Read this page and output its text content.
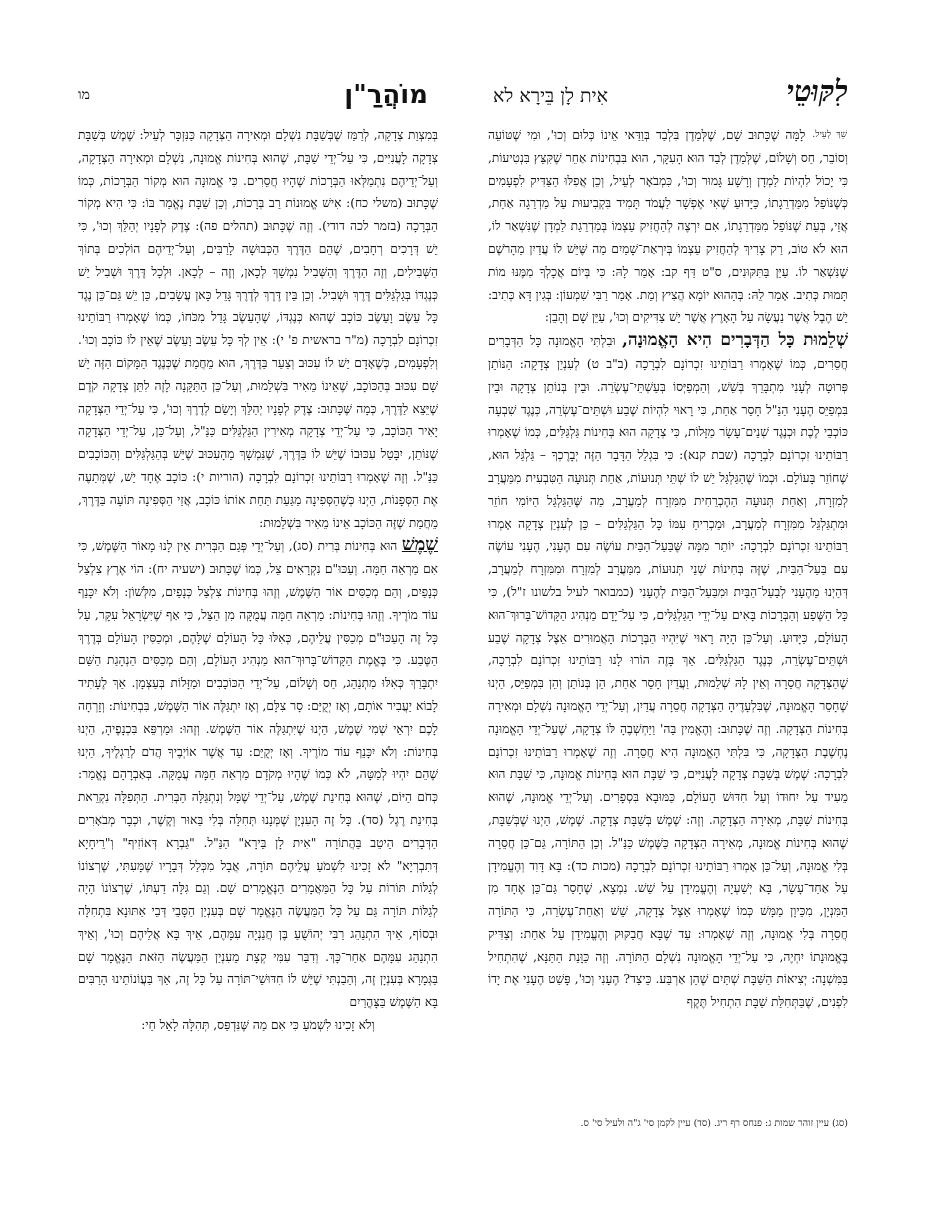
לִקּוּטֵי
אִית לָן בֵּירָא לא
מוֹהֲרַ"ן
מו

שֵׁךְ לְעֵיל. לָמָּה שֶׁכָּתוּב שָׁם, שֶׁלְּמַדֶן בִּלְבַד בְּוַדַּאי אֵינוֹ כְּלוּם וְכוּ', וּמִי שֶׁטּוֹעֵה וְסוֹבֵר, חַס וְשָׁלוֹם, שֶׁלְּמַדֶן לְבַד הוּא הָעִקָּר, הוּא בִּבְחִינוֹת אַחֵר שֶׁקִּצֵּץ בִּנְטִיעוֹת, כִּי יָכוֹל לִהְיוֹת לַמְדָן וְרָשָׁע גָּמוּר וְכוּ', כִּמְבֹאָר לְעֵיל, וְכֵן אֲפִלּוּ הַצַּדִּיק לִפְעָמִים כְּשֶׁנּוֹפֵל מִמַּדְרֵגָתוֹ, כַּיָּדוּעַ שֶׁאִי אֶפְשָׁר לַעֲמֹד תָּמִיד בִּקְבִיעוּת עַל מַדְרֵגָה אַחַת, אֲזַי, בְּעֵת שֶׁנּוֹפֵל מִמַּדְרֵגָתוֹ, אִם יִרְצֶה לְהַחֲזִיק עַצְמוֹ בְּמַדְרֵגַת לַמְדָן שֶׁנִּשְׁאַר לוֹ, הוּא לֹא טוֹב, רַק צָרִיךְ לְהַחֲזִיק עַצְמוֹ בְּיִרְאַת־שָׁמַיִם מַה שֶּׁיֵּשׁ לוֹ עֲדַיִן מֵהָרֹשֶׁם שֶׁנִּשְׁאַר לוֹ. עַיֵּן בַּתִּקּוּנִים, ס"ט דַּף קב: אָמַר לָהּ: כִּי בְּיוֹם אֲכָלְךָ מִמֶּנּוּ מוֹת תָּמוּת כְּתִיב. אָמַר לֵהּ: בְּהַהוּא יוֹמָא הֲצִיץ וְמֵת. אָמַר רַבִּי שִׁמְעוֹן: בְּגִין דָּא כְּתִיב: יֵשׁ הֶבֶל אֲשֶׁר נַעֲשָׂה עַל הָאָרֶץ אֲשֶׁר יֵשׁ צַדִּיקִים וְכוּ', עַיֵּן שָׁם וְהָבֵן:

שְׁלֵמוּת כָּל הַדְּבָרִים הִיא הָאֱמוּנָה, וּבִלְתִּי הָאֱמוּנָה כָּל הַדְּבָרִים חֲסֵרִים, כְּמוֹ שֶׁאָמְרוּ רַבּוֹתֵינוּ זִכְרוֹנָם לִבְרָכָה (ב"ב ט) לְעִנְיַן צְדָקָה: הַנּוֹתֵן פְּרוּטָה לְעָנִי מִתְבָּרֵךְ בְּשֵׁשׁ, וְהַמְפַיְּסוֹ בְּעַשְׁתֵּי־עֶשְׂרֵה. וּבֵין בְּנוֹתֵן צְדָקָה וּבֵין בִּמְפַיֵּס הֶעָנִי הַנַּ"ל חָסֵר אַחַת, כִּי רָאוּי לִהְיוֹת שֶׁבַע וּשְׁתֵּים־עֶשְׂרֵה, כְּנֶגֶד שִׁבְעָה כּוֹכְבֵי לֶכֶת וּכְנֶגֶד שְׁנֵים־עָשָׂר מַזָּלוֹת, כִּי צְדָקָה הוּא בְּחִינוֹת גַּלְגַּלִּים, כְּמוֹ שֶׁאָמְרוּ רַבּוֹתֵינוּ זִכְרוֹנָם לִבְרָכָה (שבת קנא): כִּי בִּגְלַל הַדָּבָר הַזֶּה יְבָרֶכְךָ – גַּלְגַּל הוּא, שֶׁחוֹזֵר בָּעוֹלָם. וּכְמוֹ שֶׁהַגַּלְגַּל יֵשׁ לוֹ שְׁתֵּי תְּנוּעוֹת, אַחַת תְּנוּעָה הַטִּבְעִית מִמַּעֲרָב לְמִזְרָח, וְאַחַת תְּנוּעָה הַהֶכְרֵחִית מִמִּזְרָח לְמַעֲרָב, מַה שֶּׁהַגַּלְגַּל הַיּוֹמִי חוֹזֵר וּמִתְגַּלְגֵּל מִמִּזְרָח לְמַעֲרָב, וּמַכְרִיחַ עִמּוֹ כָּל הַגַּלְגַּלִּים – כֵּן לְעִנְיַן צְדָקָה אָמְרוּ רַבּוֹתֵינוּ זִכְרוֹנָם לִבְרָכָה: יוֹתֵר מִמָּה שֶּׁבַּעַל־הַבַּיִת עוֹשֶׂה עִם הֶעָנִי, הֶעָנִי עוֹשֶׂה עִם בַּעַל־הַבַּיִת, שֶׁזֶּה בְּחִינוֹת שְׁנֵי תְּנוּעוֹת, מִמַּעֲרָב לְמִזְרָח וּמִמִּזְרָח לְמַעֲרָב, דְּהַיְנוּ מֵהֶעָנִי לְבַעַל־הַבַּיִת וּמִבַּעַל־הַבַּיִת לְהֶעָנִי (כמבואר לעיל בלשונו ז"ל), כִּי כָּל הַשֶּׁפַע וְהַבְּרָכוֹת בָּאִים עַל־יְדֵי הַגַּלְגַּלִּים, כִּי עַל־יָדָם מַנְהִיג הַקָּדוֹשׁ־בָּרוּךְ־הוּא הָעוֹלָם, כַּיָּדוּעַ. וְעַל־כֵּן הָיָה רָאוּי שֶׁיִּהְיוּ הַבְּרָכוֹת הָאֲמוּרִים אֵצֶל צְדָקָה שֶׁבַע וּשְׁתֵּים־עֶשְׂרֵה, כְּנֶגֶד הַגַּלְגַּלִּים. אַךְ בָּזֶה הוֹרוּ לָנוּ רַבּוֹתֵינוּ זִכְרוֹנָם לִבְרָכָה, שֶׁהַצְּדָקָה חֲסֵרָה וְאֵין לָהּ שְׁלֵמוּת, וַעֲדַיִן חָסֵר אַחַת, הֵן בְּנוֹתֵן וְהֵן בִּמְפַיֵּס, הַיְנוּ שֶׁחָסֵר הָאֱמוּנָה, שֶׁבִּלְעָדֶיהָ הַצְּדָקָה חֲסֵרָה עֲדַיִן, וְעַל־יְדֵי הָאֱמוּנָה נִשְׁלָם וּמְאִירָה בְּחִינוֹת הַצְּדָקָה. וְזֶה שֶׁכָּתוּב: וְהֶאֱמִין בַּה' וַיַּחְשְׁבֶהָ לּוֹ צְדָקָה, שֶׁעַל־יְדֵי הָאֱמוּנָה נֶחְשֶׁבֶת הַצְּדָקָה, כִּי בִּלְתִּי הָאֱמוּנָה הִיא חֲסֵרָה. וְזֶה שֶׁאָמְרוּ רַבּוֹתֵינוּ זִכְרוֹנָם לִבְרָכָה: שֶׁמֶשׁ בְּשַׁבָּת צְדָקָה לָעֲנִיִּים, כִּי שַׁבָּת הוּא בְּחִינוֹת אֱמוּנָה, כִּי שַׁבָּת הוּא מֵעִיד עַל יִחוּדוֹ וְעַל חִדּוּשׁ הָעוֹלָם, כַּמּוּבָא בִּסְפָרִים. וְעַל־יְדֵי אֱמוּנָה, שֶׁהוּא בְּחִינוֹת שַׁבָּת, מְאִירָה הַצְּדָקָה. וְזֶה: שֶׁמֶשׁ בְּשַׁבָּת צְדָקָה. שֶׁמֶשׁ, הַיְנוּ שֶׁבְּשַׁבָּת, שֶׁהוּא בְּחִינוֹת אֱמוּנָה, מְאִירָה הַצְּדָקָה כַּשֶּׁמֶשׁ כַּנַּ"ל. וְכֵן הַתּוֹרָה, גַּם־כֵּן חֲסֵרָה בְּלִי אֱמוּנָה, וְעַל־כֵּן אָמְרוּ רַבּוֹתֵינוּ זִכְרוֹנָם לִבְרָכָה (מכות כד): בָּא דָּוִד וְהֶעֱמִידָן עַל אַחַד־עָשָׂר, בָּא יְשַׁעְיָה וְהֶעֱמִידָן עַל שֵׁשׁ. נִמְצָא, שֶׁחָסֵר גַּם־כֵּן אֶחָד מִן הַמִּנְיָן, מִכֵּיוָן מַמָּשׁ כְּמוֹ שֶׁאָמְרוּ אֵצֶל צְדָקָה, שֵׁשׁ וְאַחַת־עֶשְׂרֵה, כִּי הַתּוֹרָה חֲסֵרָה בְּלִי אֱמוּנָה, וְזֶה שֶׁאָמְרוּ: עַד שֶׁבָּא חֲבַקּוּק וְהֶעֱמִידָן עַל אַחַת: וְצַדִּיק בֶּאֱמוּנָתוֹ יִחְיֶה, כִּי עַל־יְדֵי הָאֱמוּנָה נִשְׁלָם הַתּוֹרָה. וְזֶה כַּוָּנַת הַתַּנָּא, שֶׁהִתְחִיל בַּמִּשְׁנָה: יְצִיאוֹת הַשַּׁבָּת שְׁתַּיִם שֶׁהֵן אַרְבַּע. כֵּיצַד? הֶעָנִי וְכוּ', פָּשַׁט הֶעָנִי אֶת יָדוֹ לִפְנִים, שֶׁבַּתְּחִלַּת שַׁבָּת הִתְחִיל תֶּקֶף

בְּמִצְוַת צְדָקָה, לְרַמֵּז שֶׁבְּשַׁבָּת נִשְׁלָם וּמְאִירָה הַצְּדָקָה כַּנִּזְכָּר לְעֵיל: שֶׁמֶשׁ בְּשַׁבָּת צְדָקָה לָעֲנִיִּים, כִּי עַל־יְדֵי שַׁבָּת, שֶׁהוּא בְּחִינוֹת אֱמוּנָה, נִשְׁלָם וּמְאִירָה הַצְּדָקָה, וְעַל־יְדֵיהֶם נִתְמַלְּאוּ הַבְּרָכוֹת שֶׁהָיוּ חֲסֵרִים. כִּי אֱמוּנָה הוּא מְקוֹר הַבְּרָכוֹת, כְּמוֹ שֶׁכָּתוּב (משלי כח): אִישׁ אֱמוּנוֹת רַב בְּרָכוֹת, וְכֵן שַׁבָּת נֶאֱמַר בּוֹ: כִּי הִיא מְקוֹר הַבְּרָכָה (בזמר לכה דודי). וְזֶה שֶׁכָּתוּב (תהלים פה): צֶדֶק לְפָנָיו יְהַלֵּךְ וְכוּ', כִּי יֵשׁ דְּרָכִים רְחָבִים, שֶׁהֵם הַדֶּרֶךְ הַכְּבוּשָׁה לָרַבִּים, וְעַל־יְדֵיהֶם הוֹלְכִים בְּתוֹךְ הַשְּׁבִילִים, וְזֶה הַדֶּרֶךְ וְהַשְּׁבִיל נִמְשָׁךְ לְכָאן, וְזֶה – לְכָאן. וּלְכָל דֶּרֶךְ וּשְׁבִיל יֵשׁ כְּנֶגְדּוֹ בְּגַלְגַּלִּים דֶּרֶךְ וּשְׁבִיל. וְכֵן בֵּין דֶּרֶךְ לְדֶרֶךְ גָּדֵל כָּאן עֲשָׂבִים, כֵּן יֵשׁ גַּם־כֵּן נֶגֶד כָּל עֵשֶׂב וָעֵשֶׂב כּוֹכָב שֶׁהוּא כְּנֶגְדּוֹ, שֶׁהָעֵשֶׂב גָּדֵל מִכֹּחוֹ, כְּמוֹ שֶׁאָמְרוּ רַבּוֹתֵינוּ זִכְרוֹנָם לִבְרָכָה (מ"ר בראשית פ' י): אֵין לְךָ כָּל עֵשֶׂב וָעֵשֶׂב שֶׁאֵין לוֹ כּוֹכָב וְכוּ'. וְלִפְעָמִים, כְּשֶׁאָדָם יֵשׁ לוֹ עִכּוּב וְצַעַר בַּדֶּרֶךְ, הוּא מֵחֲמַת שֶׁכְּנֶגֶד הַמָּקוֹם הַזֶּה יֵשׁ שָׁם עִכּוּב בְּהַכּוֹכָב, שֶׁאֵינוֹ מֵאִיר בִּשְׁלֵמוּת, וְעַל־כֵּן הַתַּקָּנָה לָזֶה לִתֵּן צְדָקָה קֹדֶם שֶׁיֵּצֵא לַדֶּרֶךְ, כְּמָה שֶּׁכָּתוּב: צֶדֶק לְפָנָיו יְהַלֵּךְ וְיָשֵׂם לְדֶרֶךְ וְכוּ', כִּי עַל־יְדֵי הַצְּדָקָה יָאִיר הַכּוֹכָב, כִּי עַל־יְדֵי צְדָקָה מְאִירִין הַגַּלְגַּלִּים כַּנַּ"ל, וְעַל־כֵּן, עַל־יְדֵי הַצְּדָקָה שֶׁנּוֹתֵן, יִבָּטֵל עִכּוּבוֹ שֶׁיֵּשׁ לוֹ בַּדֶּרֶךְ, שֶׁנִּמְשָׁךְ מֵהָעִכּוּב שֶׁיֵּשׁ בְּהַגַּלְגַּלִּים וְהַכּוֹכָבִים כַּנַּ"ל. וְזֶה שֶׁאָמְרוּ רַבּוֹתֵינוּ זִכְרוֹנָם לִבְרָכָה (הוריות י): כּוֹכָב אֶחָד יֵשׁ, שֶׁמְּתַעֶה אֶת הַסְּפָנוֹת, הַיְנוּ כְּשֶׁהַסְּפִינָה מַגַּעַת תַּחַת אוֹתוֹ כּוֹכָב, אֲזַי הַסְּפִינָה תּוֹעָה בַּדֶּרֶךְ, מֵחֲמַת שֶׁזֶּה הַכּוֹכָב אֵינוֹ מֵאִיר בִּשְׁלֵמוּת:

שֶׁמֶשׁ הוּא בְּחִינוֹת בְּרִית (סג), וְעַל־יְדֵי פְּגַם הַבְּרִית אֵין לָנוּ מָאוֹר הַשֶּׁמֶשׁ, כִּי אִם מַרְאֵה חַמָּה. וְעַכּוּ"ם נִקְרָאִים צֵל, כְּמוֹ שֶׁכָּתוּב (ישעיה יח): הוֹי אֶרֶץ צִלְצַל כְּנָפַיִם, וְהֵם מְכַסִּים אוֹר הַשֶּׁמֶשׁ, וְזֶהוּ בְּחִינוֹת צִלְצַל כְּנָפַיִם, מִלְּשׁוֹן: וְלֹא יִכָּנֵף עוֹד מוֹרֶיךָ. וְזֶהוּ בְּחִינוֹת: מַרְאֵה חַמָּה עֲמֻקָּה מִן הַצֵּל, כִּי אַף שֶׁיִּשְׂרָאֵל עִקָּר, עַל כָּל זֶה הָעַכּוּ"ם מְכַסִּין עֲלֵיהֶם, כְּאִלּוּ כָּל הָעוֹלָם שֶׁלָּהֶם, וּמְכַסִּין הָעוֹלָם בְּדֶרֶךְ הַטֶּבַע. כִּי בֶּאֱמֶת הַקָּדוֹשׁ־בָּרוּךְ־הוּא מַנְהִיג הָעוֹלָם, וְהֵם מְכַסִּים הַנְהָגַת הַשֵּׁם יִתְבָּרַךְ כְּאִלּוּ מִתְנַהֵג, חַס וְשָׁלוֹם, עַל־יְדֵי הַכּוֹכָבִים וּמַזָּלוֹת בְּעַצְמָן. אַךְ לֶעָתִיד לָבוֹא יַעֲבִיר אוֹתָם, וְאָז יְקֻיַּם: סָר צִלָּם, וְאָז יִתְגַּלֶּה אוֹר הַשֶּׁמֶשׁ, בִּבְחִינוֹת: וְזָרְחָה לָכֶם יִרְאֵי שְׁמִי שֶׁמֶשׁ, הַיְנוּ שֶׁיִּתְגַּלֶּה אוֹר הַשֶּׁמֶשׁ. וְזֶהוּ: וּמַרְפֵּא בִּכְנָפֶיהָ, הַיְנוּ בְּחִינוֹת: וְלֹא יִכָּנֵף עוֹד מוֹרֶיךָ. וְאָז יְקֻיַּם: עַד אֲשֶׁר אוֹיְבֶיךָ הֲדֹם לְרַגְלֶיךָ, הַיְנוּ שֶׁהֵם יִהְיוּ לְמַטָּה, לֹא כְּמוֹ שֶׁהָיוּ מְקֹדָם מַרְאֵה חַמָּה עֲמֻקָּה. בְּאַבְרָהָם נֶאֱמַר: כְּחֹם הַיּוֹם, שֶׁהוּא בְּחִינַת שֶׁמֶשׁ, עַל־יְדֵי שֶׁמָּל וְנִתְגַּלָּה הַבְּרִית. הַתְּפִלָּה נִקְרֵאת בְּחִינַת רֶגֶל (סד). כָּל זֶה הָעִנְיָן שֶׁמְּנָנוּ תְּחִלָּה בְּלִי בֵּאוּר וְקֶשֶׁר, וּכְבָר מְבֹאָרִים הַדְּבָרִים הֵיטֵב בַּהֲתוֹרָה "אִית לָן בֵּירָא" הַנַּ"ל. "גַּבְרָא דְּאוֹזִיף" וְ"רֵיחָיָא דְּתִבְרְיָא" לֹא זָכִינוּ לִשְׁמֹעַ עֲלֵיהֶם תּוֹרָה, אֲבָל מִכְּלַל דְּבָרָיו שֶׁמָּעִתִּי, שֶׁרְצוֹנוֹ לְגַלּוֹת תּוֹרוֹת עַל כָּל הַמַּאֲמָרִים הַנֶּאֱמָרִים שָׁם. וְגַם גִּלָּה דַעְתּוֹ, שֶׁרְצוֹנוֹ הָיָה לְגַלּוֹת תּוֹרָה גַּם עַל כָּל הַמַּעֲשֶׂה הַנֶּאֱמָר שָׁם בְּעִנְיַן הַסָּבֵי דְּבֵי אַתּוּנָא בִּתְחִלָּה וּבְסוֹף, אֵיךְ הִתְנַהֵג רַבִּי יְהוֹשֻׁעַ בֶּן חֲנַנְיָה עִמָּהֶם, אֵיךְ בָּא אֲלֵיהֶם וְכוּ', וְאֵיךְ הִתְנַהֵג עִמָּהֶם אַחַר־כָּךְ. וְדִבֵּר עִמִּי קְצָת מֵעִנְיַן הַמַּעֲשֶׂה הַזֹּאת הַנֶּאֱמָר שָׁם בַּגְּמָרָא בְּעִנְיָן זֶה, וְהֵבַנְתִּי שֶׁיֵּשׁ לוֹ חִדּוּשֵׁי־תּוֹרָה עַל כָּל זֶה, אַךְ בַּעֲוֹנוֹתֵינוּ הָרַבִּים בָּא הַשֶּׁמֶשׁ בַּצָּהֳרַיִם

וְלֹא זָכִינוּ לִשְׁמֹעַ כִּי אִם מַה שֶּׁנִּדְפַּס, תְּהִלָּה לָאֵל חַי:

(סג) עיין זוהר שמות ג: פנחס רף ריג. (סד) עיין לקמן סי' ג"ה ולעיל סי' ס.
